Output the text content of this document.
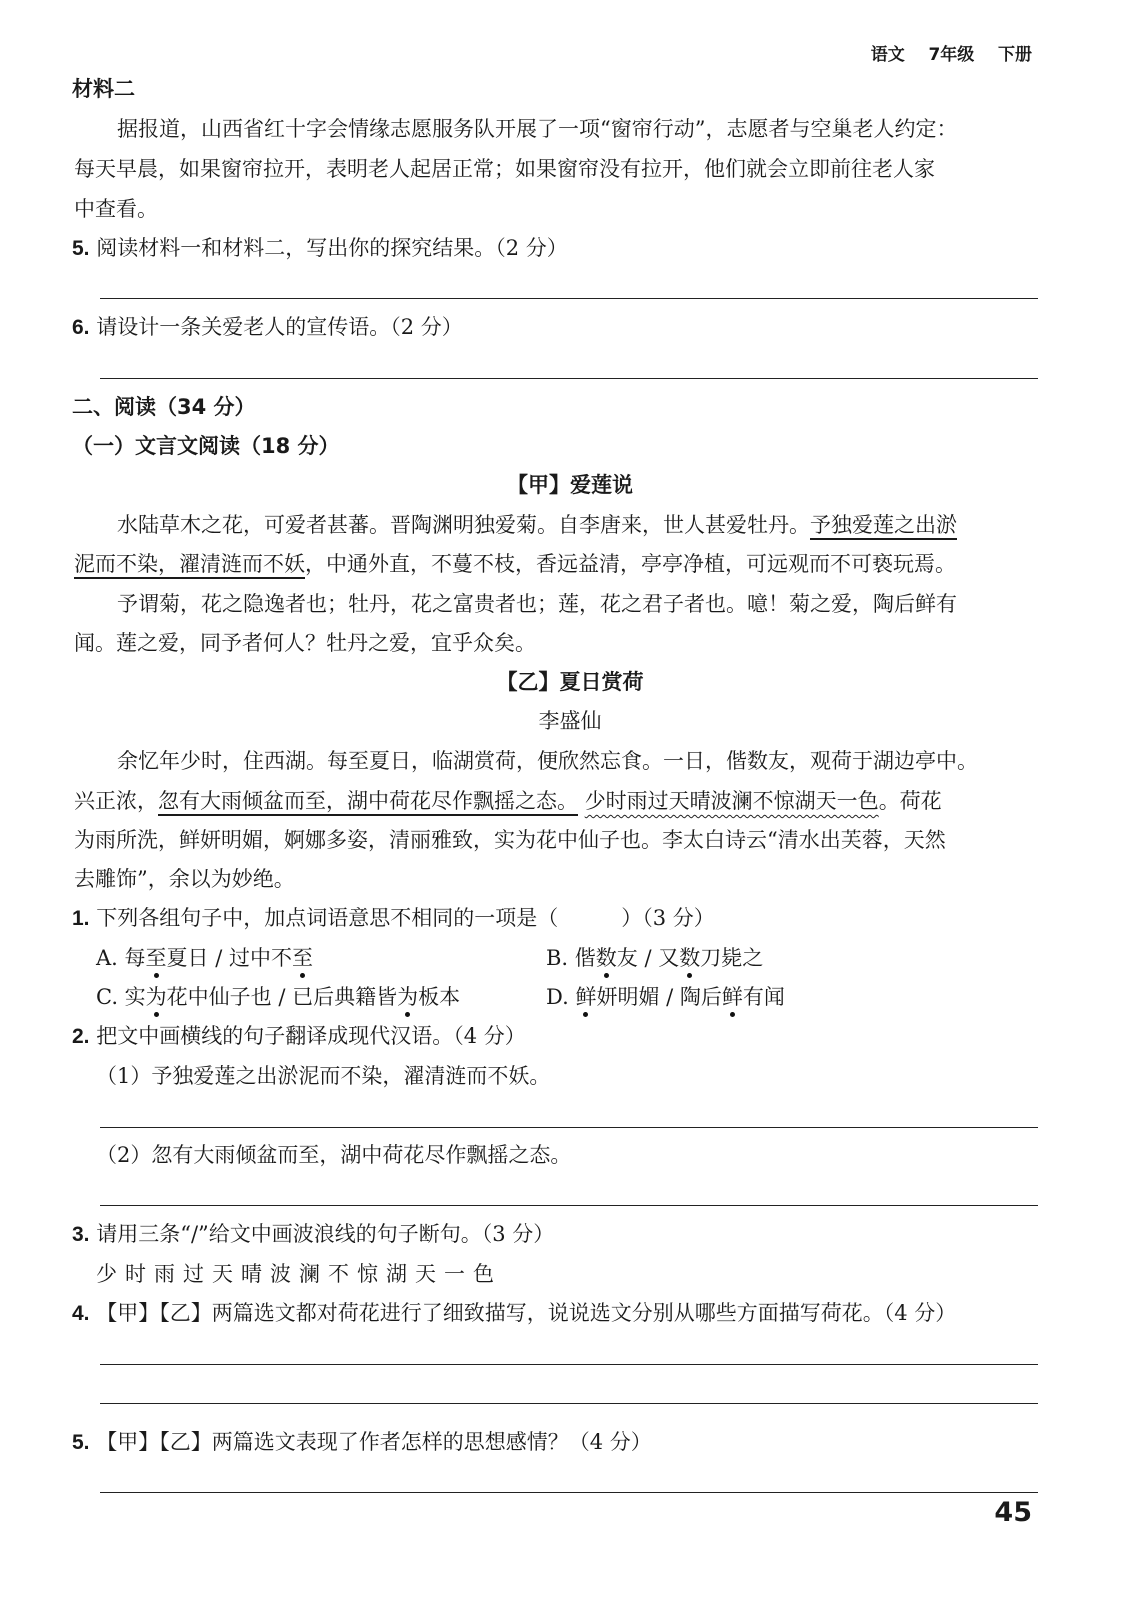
语文 7年级 下册
材料二
据报道，山西省红十字会情缘志愿服务队开展了一项“窗帘行动”，志愿者与空巢老人约定：
每天早晨，如果窗帘拉开，表明老人起居正常；如果窗帘没有拉开，他们就会立即前往老人家
中查看。
5. 阅读材料一和材料二，写出你的探究结果。（2 分）
6. 请设计一条关爱老人的宣传语。（2 分）
二、阅读（34 分）
（一）文言文阅读（18 分）
【甲】爱莲说
水陆草木之花，可爱者甚蕃。晋陶渊明独爱菊。自李唐来，世人甚爱牡丹。予独爱莲之出淤
泥而不染，濯清涟而不妖，中通外直，不蔓不枝，香远益清，亭亭净植，可远观而不可亵玩焉。
予谓菊，花之隐逸者也；牡丹，花之富贵者也；莲，花之君子者也。噫！菊之爱，陶后鲜有
闻。莲之爱，同予者何人？牡丹之爱，宜乎众矣。
【乙】夏日赏荷
李盛仙
余忆年少时，住西湖。每至夏日，临湖赏荷，便欣然忘食。一日，偕数友，观荷于湖边亭中。
兴正浓，忽有大雨倾盆而至，湖中荷花尽作飘摇之态。 少时雨过天晴波澜不惊湖天一色。荷花
为雨所洗，鲜妍明媚，婀娜多姿，清丽雅致，实为花中仙子也。李太白诗云“清水出芙蓉，天然
去雕饰”，余以为妙绝。
1. 下列各组句子中，加点词语意思不相同的一项是（　　　）（3 分）
A. 每至夏日 / 过中不至	B. 偕数友 / 又数刀毙之
C. 实为花中仙子也 / 已后典籍皆为板本	D. 鲜妍明媚 / 陶后鲜有闻
2. 把文中画横线的句子翻译成现代汉语。（4 分）
（1）予独爱莲之出淤泥而不染，濯清涟而不妖。
（2）忽有大雨倾盆而至，湖中荷花尽作飘摇之态。
3. 请用三条“/”给文中画波浪线的句子断句。（3 分）
少时雨过天晴波澜不惊湖天一色
4. 【甲】【乙】两篇选文都对荷花进行了细致描写，说说选文分别从哪些方面描写荷花。（4 分）
5. 【甲】【乙】两篇选文表现了作者怎样的思想感情？（4 分）
45
